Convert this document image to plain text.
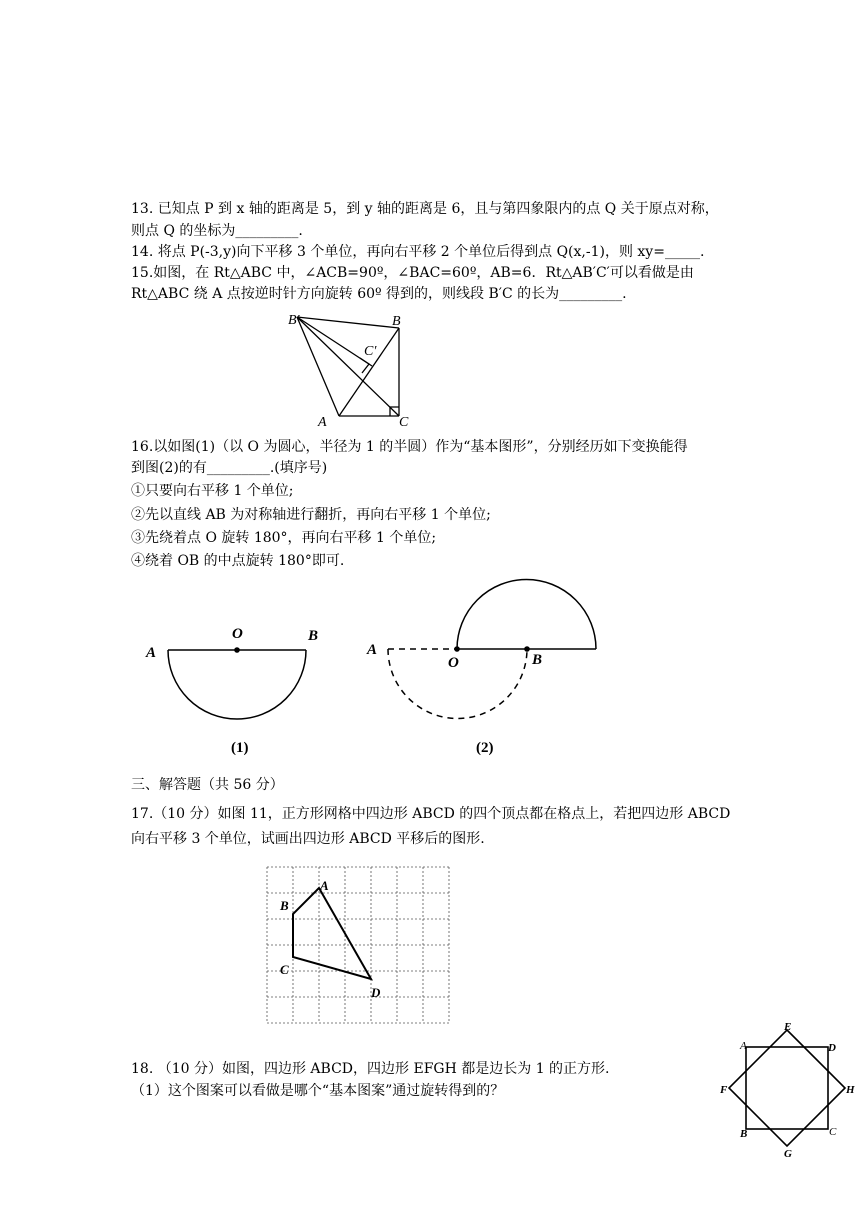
13. 已知点 P 到 x 轴的距离是 5，到 y 轴的距离是 6，且与第四象限内的点 Q 关于原点对称，
则点 Q 的坐标为_________.
14. 将点 P(-3,y)向下平移 3 个单位，再向右平移 2 个单位后得到点 Q(x,-1)，则 xy=_____.
15.如图，在 Rt△ABC 中，∠ACB=90º，∠BAC=60º，AB=6．Rt△AB′C′可以看做是由
Rt△ABC 绕 A 点按逆时针方向旋转 60º 得到的，则线段 B′C 的长为_________.
B′	B
C′
A	C
16.以如图(1)（以 O 为圆心，半径为 1 的半圆）作为“基本图形”，分别经历如下变换能得
到图(2)的有_________.(填序号)
①只要向右平移 1 个单位;
②先以直线 AB 为对称轴进行翻折，再向右平移 1 个单位;
③先绕着点 O 旋转 180°，再向右平移 1 个单位;
④绕着 OB 的中点旋转 180°即可.
A
O	B
(1)
A
O	B
(2)
三、解答题（共 56 分）
17.（10 分）如图 11，正方形网格中四边形 ABCD 的四个顶点都在格点上，若把四边形 ABCD
向右平移 3 个单位，试画出四边形 ABCD 平移后的图形.
A
B
C
D
18. （10 分）如图，四边形 ABCD，四边形 EFGH 都是边长为 1 的正方形.
（1）这个图案可以看做是哪个“基本图案”通过旋转得到的？
A	D
E
F	H
B	C
G
